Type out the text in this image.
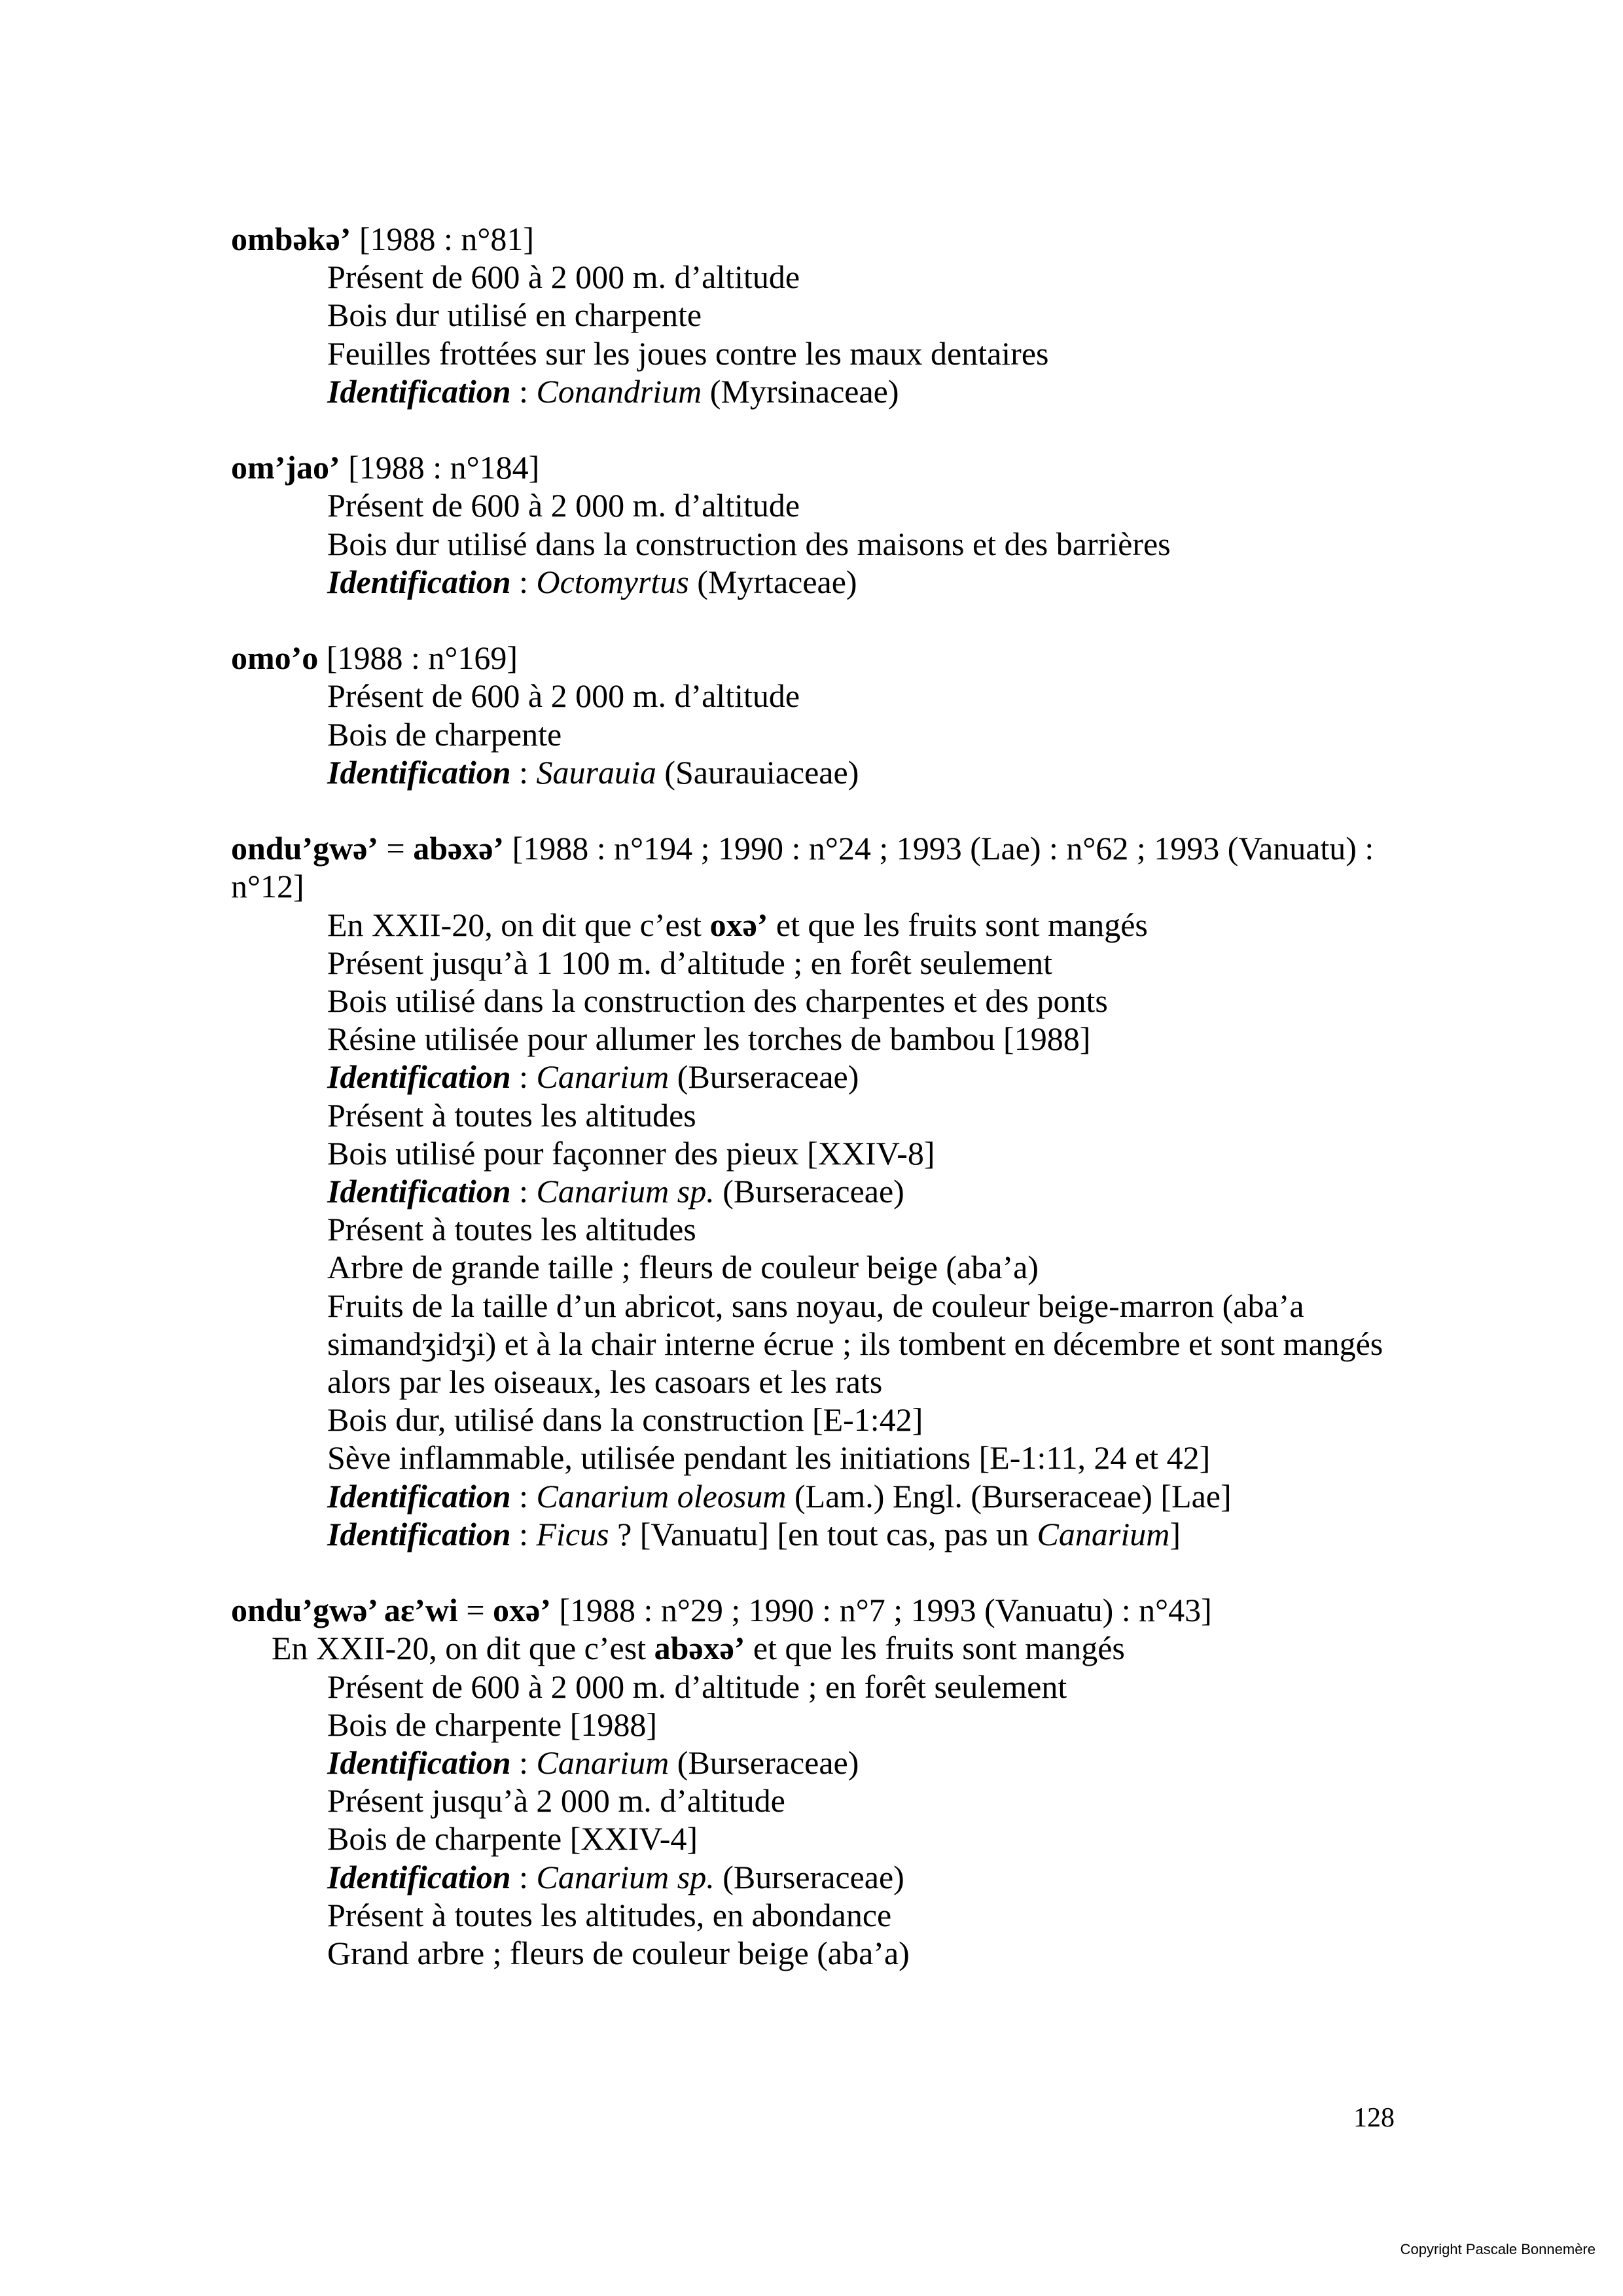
ombəkə’ [1988 : n°81]

Présent de 600 à 2 000 m. d’altitude

Bois dur utilisé en charpente

Feuilles frottées sur les joues contre les maux dentaires

Identification : Conandrium (Myrsinaceae)

om’jao’ [1988 : n°184]

Présent de 600 à 2 000 m. d’altitude

Bois dur utilisé dans la construction des maisons et des barrières

Identification : Octomyrtus (Myrtaceae)

omo’o [1988 : n°169]

Présent de 600 à 2 000 m. d’altitude

Bois de charpente

Identification : Saurauia (Saurauiaceae)

ondu’gwə’ = abəxə’ [1988 : n°194 ; 1990 : n°24 ; 1993 (Lae) : n°62 ; 1993 (Vanuatu) : n°12]

En XXII-20, on dit que c’est oxə’ et que les fruits sont mangés

Présent jusqu’à 1 100 m. d’altitude ; en forêt seulement

Bois utilisé dans la construction des charpentes et des ponts

Résine utilisée pour allumer les torches de bambou [1988]

Identification : Canarium (Burseraceae)

Présent à toutes les altitudes

Bois utilisé pour façonner des pieux [XXIV-8]

Identification : Canarium sp. (Burseraceae)

Présent à toutes les altitudes

Arbre de grande taille ; fleurs de couleur beige (aba’a)

Fruits de la taille d’un abricot, sans noyau, de couleur beige-marron (aba’a simandʒidʒi) et à la chair interne écrue ; ils tombent en décembre et sont mangés alors par les oiseaux, les casoars et les rats

Bois dur, utilisé dans la construction [E-1:42]

Sève inflammable, utilisée pendant les initiations [E-1:11, 24 et 42]

Identification : Canarium oleosum (Lam.) Engl. (Burseraceae) [Lae]

Identification : Ficus ? [Vanuatu] [en tout cas, pas un Canarium]

ondu’gwə’ aɛ’wi = oxə’ [1988 : n°29 ; 1990 : n°7 ; 1993 (Vanuatu) : n°43]

En XXII-20, on dit que c’est abəxə’ et que les fruits sont mangés

Présent de 600 à 2 000 m. d’altitude ; en forêt seulement

Bois de charpente [1988]

Identification : Canarium (Burseraceae)

Présent jusqu’à 2 000 m. d’altitude

Bois de charpente [XXIV-4]

Identification : Canarium sp. (Burseraceae)

Présent à toutes les altitudes, en abondance

Grand arbre ; fleurs de couleur beige (aba’a)

128
Copyright Pascale Bonnemère
